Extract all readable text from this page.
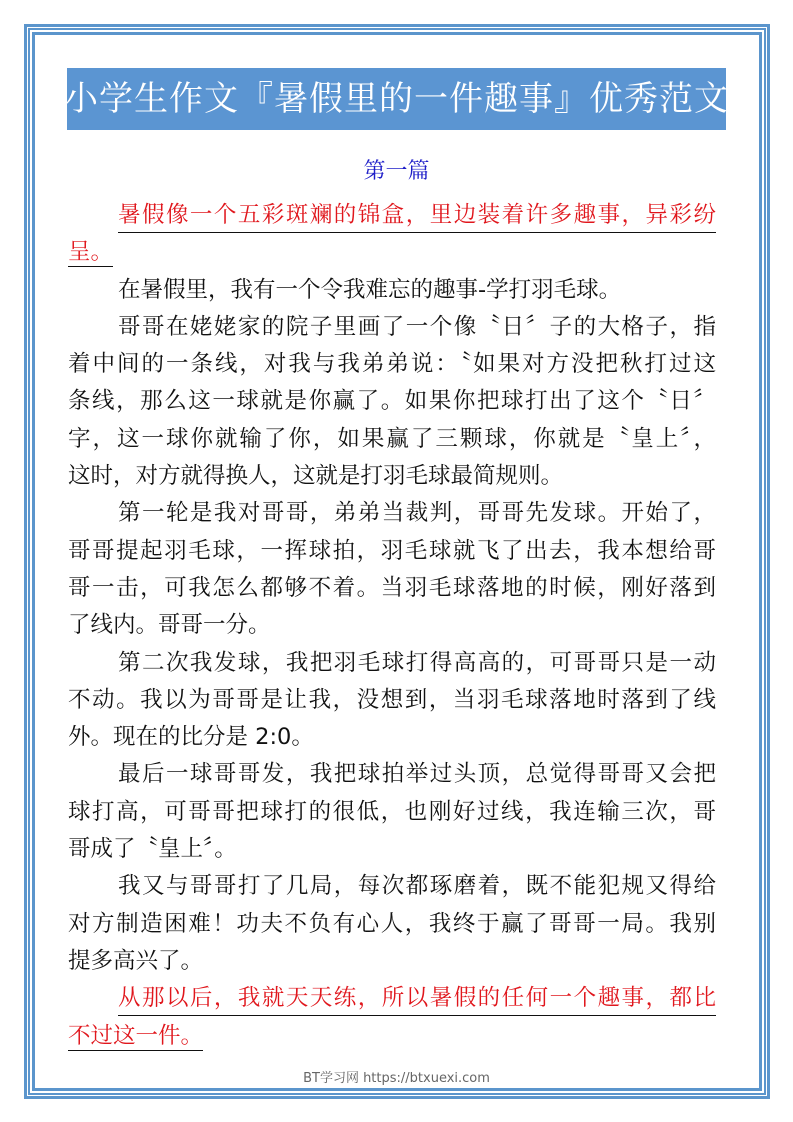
小学生作文『暑假里的一件趣事』优秀范文
第一篇
暑假像一个五彩斑斓的锦盒，里边装着许多趣事，异彩纷
呈。
在暑假里，我有一个令我难忘的趣事-学打羽毛球。
哥哥在姥姥家的院子里画了一个像〝日〞子的大格子，指
着中间的一条线，对我与我弟弟说：〝如果对方没把秋打过这
条线，那么这一球就是你赢了。如果你把球打出了这个〝日〞
字，这一球你就输了你，如果赢了三颗球，你就是〝皇上〞，
这时，对方就得换人，这就是打羽毛球最简规则。
第一轮是我对哥哥，弟弟当裁判，哥哥先发球。开始了，
哥哥提起羽毛球，一挥球拍，羽毛球就飞了出去，我本想给哥
哥一击，可我怎么都够不着。当羽毛球落地的时候，刚好落到
了线内。哥哥一分。
第二次我发球，我把羽毛球打得高高的，可哥哥只是一动
不动。我以为哥哥是让我，没想到，当羽毛球落地时落到了线
外。现在的比分是 2:0。
最后一球哥哥发，我把球拍举过头顶，总觉得哥哥又会把
球打高，可哥哥把球打的很低，也刚好过线，我连输三次，哥
哥成了〝皇上〞。
我又与哥哥打了几局，每次都琢磨着，既不能犯规又得给
对方制造困难！功夫不负有心人，我终于赢了哥哥一局。我别
提多高兴了。
从那以后，我就天天练，所以暑假的任何一个趣事，都比
不过这一件。
BT学习网 https://btxuexi.com
